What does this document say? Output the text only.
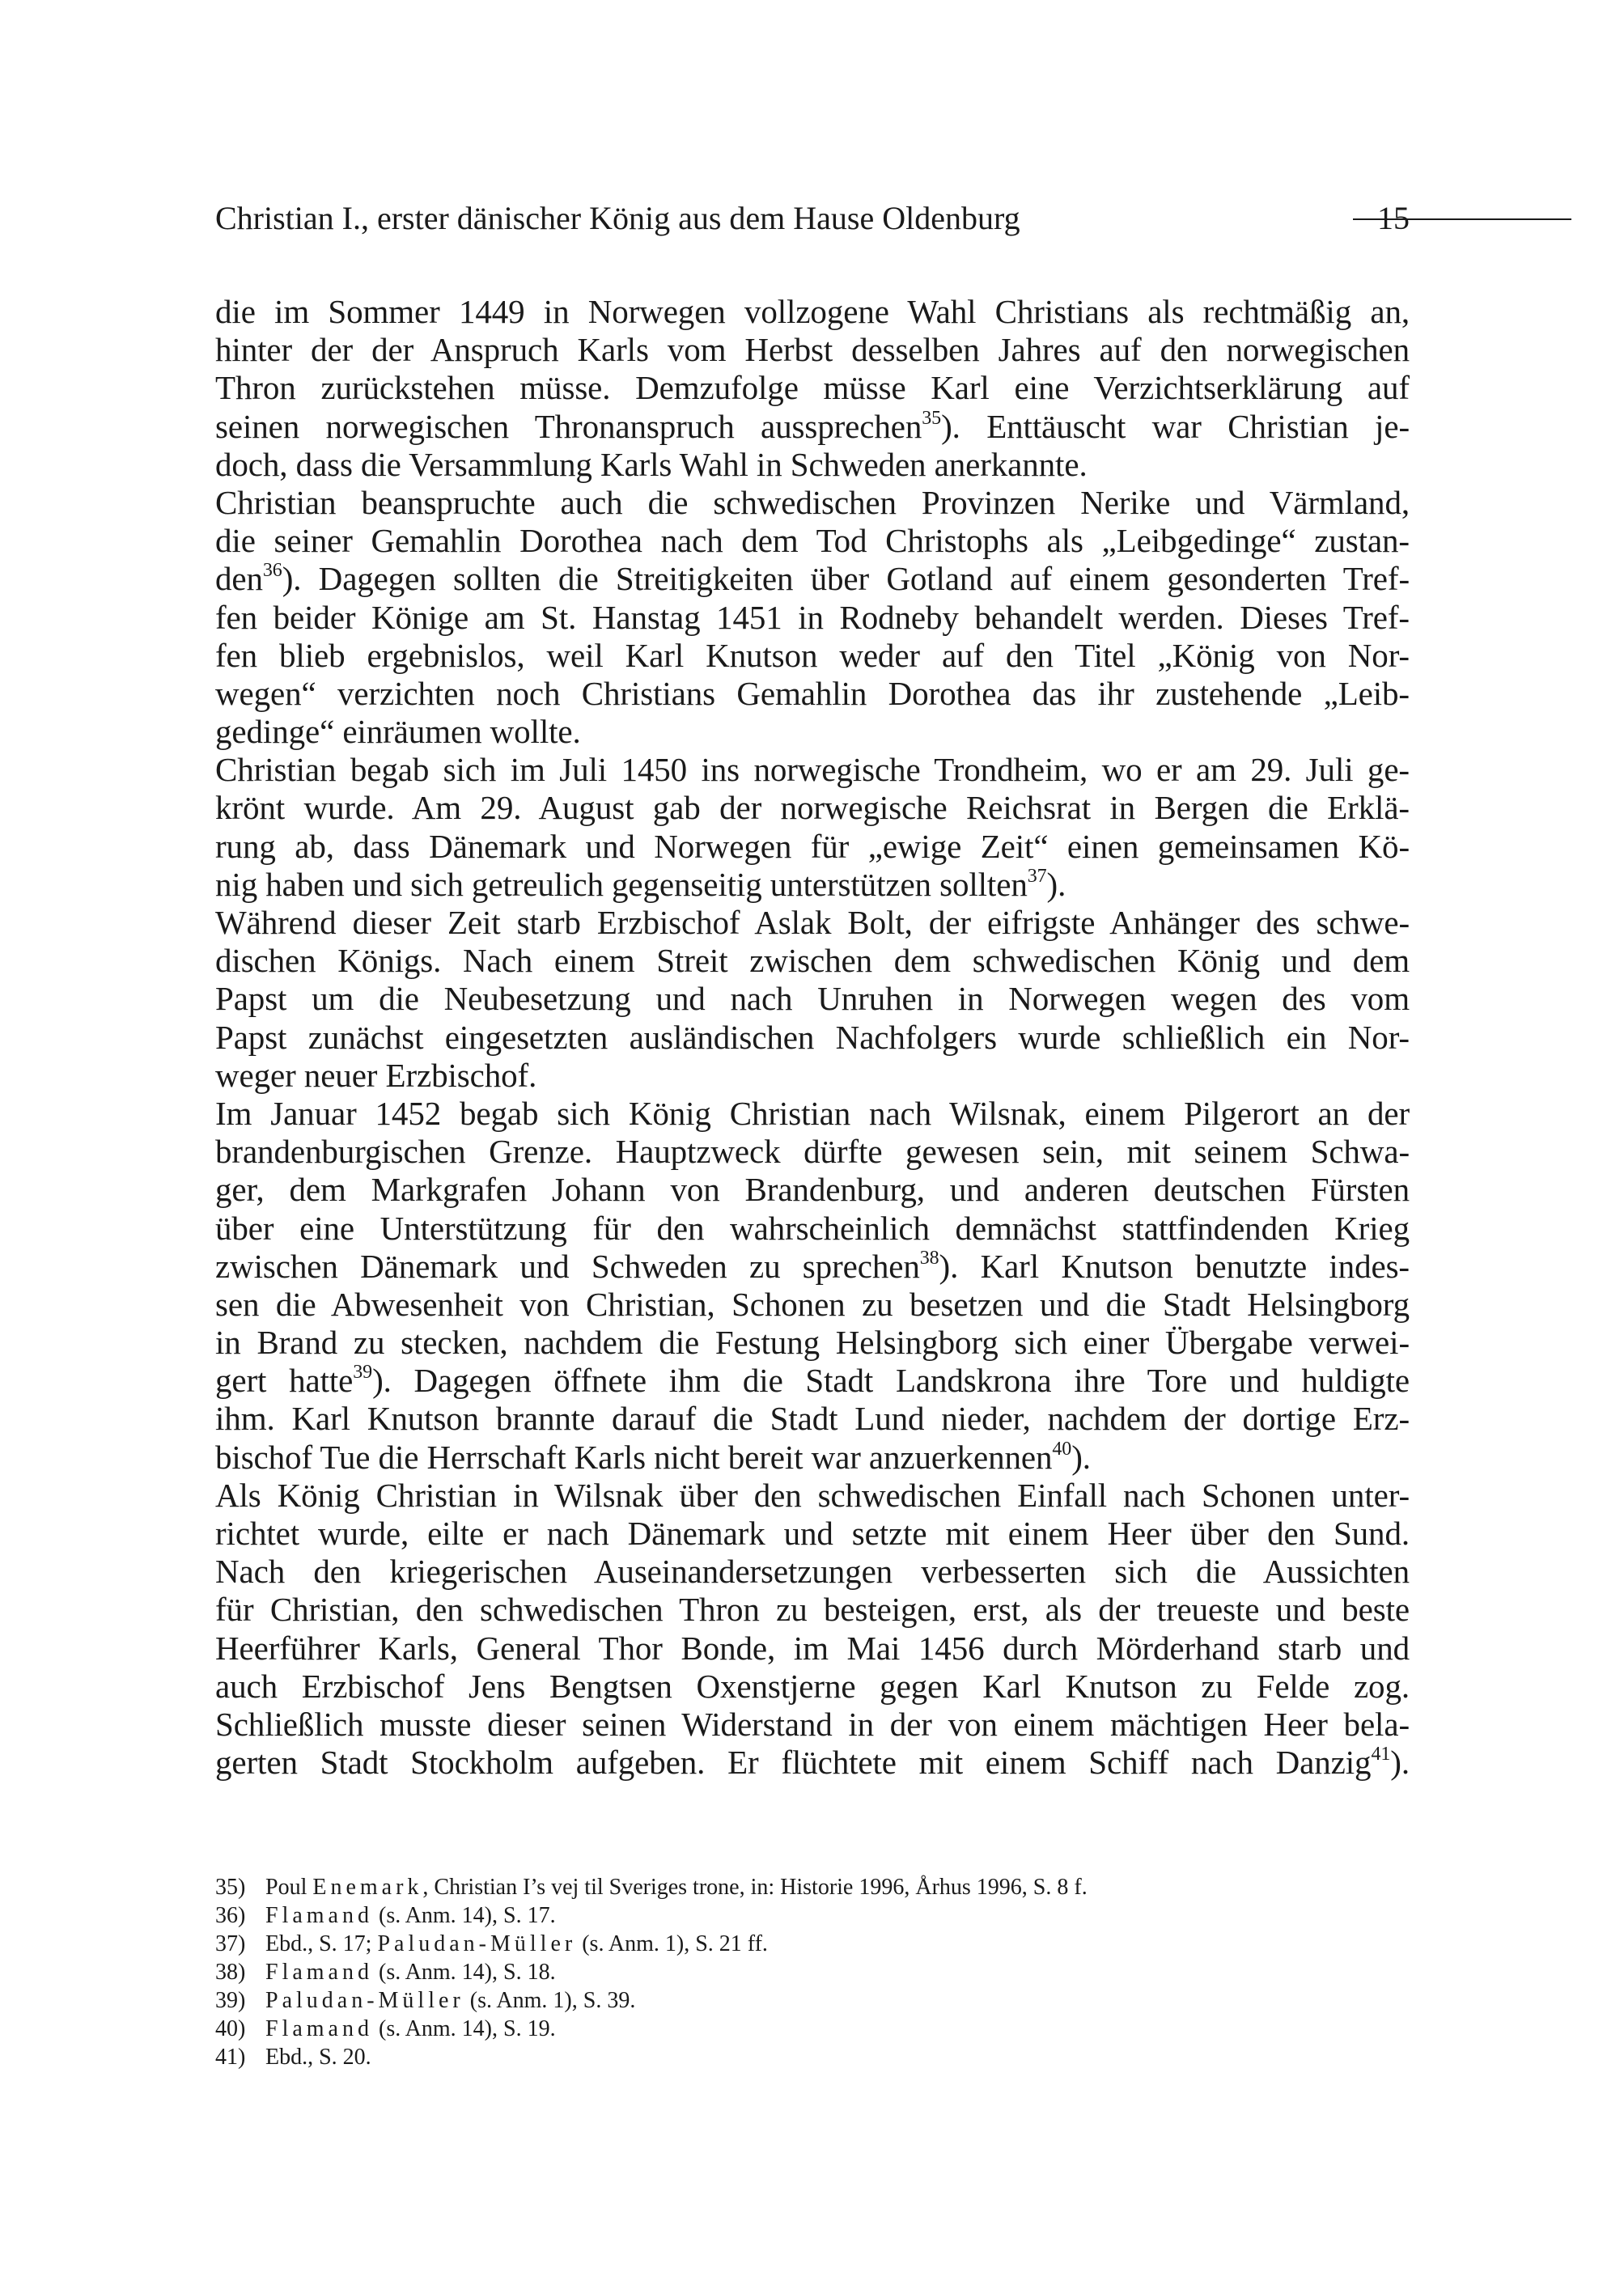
Christian I., erster dänischer König aus dem Hause Oldenburg	15
die im Sommer 1449 in Norwegen vollzogene Wahl Christians als rechtmäßig an,
hinter der der Anspruch Karls vom Herbst desselben Jahres auf den norwegischen
Thron zurückstehen müsse. Demzufolge müsse Karl eine Verzichtserklärung auf
seinen norwegischen Thronanspruch aussprechen$^{35}$). Enttäuscht war Christian je-
doch, dass die Versammlung Karls Wahl in Schweden anerkannte.
Christian beanspruchte auch die schwedischen Provinzen Nerike und Värmland,
die seiner Gemahlin Dorothea nach dem Tod Christophs als „Leibgedinge“ zustan-
den$^{36}$). Dagegen sollten die Streitigkeiten über Gotland auf einem gesonderten Tref-
fen beider Könige am St. Hanstag 1451 in Rodneby behandelt werden. Dieses Tref-
fen blieb ergebnislos, weil Karl Knutson weder auf den Titel „König von Nor-
wegen“ verzichten noch Christians Gemahlin Dorothea das ihr zustehende „Leib-
gedinge“ einräumen wollte.
Christian begab sich im Juli 1450 ins norwegische Trondheim, wo er am 29. Juli ge-
krönt wurde. Am 29. August gab der norwegische Reichsrat in Bergen die Erklä-
rung ab, dass Dänemark und Norwegen für „ewige Zeit“ einen gemeinsamen Kö-
nig haben und sich getreulich gegenseitig unterstützen sollten$^{37}$).
Während dieser Zeit starb Erzbischof Aslak Bolt, der eifrigste Anhänger des schwe-
dischen Königs. Nach einem Streit zwischen dem schwedischen König und dem
Papst um die Neubesetzung und nach Unruhen in Norwegen wegen des vom
Papst zunächst eingesetzten ausländischen Nachfolgers wurde schließlich ein Nor-
weger neuer Erzbischof.
Im Januar 1452 begab sich König Christian nach Wilsnak, einem Pilgerort an der
brandenburgischen Grenze. Hauptzweck dürfte gewesen sein, mit seinem Schwa-
ger, dem Markgrafen Johann von Brandenburg, und anderen deutschen Fürsten
über eine Unterstützung für den wahrscheinlich demnächst stattfindenden Krieg
zwischen Dänemark und Schweden zu sprechen$^{38}$). Karl Knutson benutzte indes-
sen die Abwesenheit von Christian, Schonen zu besetzen und die Stadt Helsingborg
in Brand zu stecken, nachdem die Festung Helsingborg sich einer Übergabe verwei-
gert hatte$^{39}$). Dagegen öffnete ihm die Stadt Landskrona ihre Tore und huldigte
ihm. Karl Knutson brannte darauf die Stadt Lund nieder, nachdem der dortige Erz-
bischof Tue die Herrschaft Karls nicht bereit war anzuerkennen$^{40}$).
Als König Christian in Wilsnak über den schwedischen Einfall nach Schonen unter-
richtet wurde, eilte er nach Dänemark und setzte mit einem Heer über den Sund.
Nach den kriegerischen Auseinandersetzungen verbesserten sich die Aussichten
für Christian, den schwedischen Thron zu besteigen, erst, als der treueste und beste
Heerführer Karls, General Thor Bonde, im Mai 1456 durch Mörderhand starb und
auch Erzbischof Jens Bengtsen Oxenstjerne gegen Karl Knutson zu Felde zog.
Schließlich musste dieser seinen Widerstand in der von einem mächtigen Heer bela-
gerten Stadt Stockholm aufgeben. Er flüchtete mit einem Schiff nach Danzig$^{41}$).
35) Poul Enemark, Christian I’s vej til Sveriges trone, in: Historie 1996, Århus 1996, S. 8 f.
36) Flamand (s. Anm. 14), S. 17.
37) Ebd., S. 17; Paludan-Müller (s. Anm. 1), S. 21 ff.
38) Flamand (s. Anm. 14), S. 18.
39) Paludan-Müller (s. Anm. 1), S. 39.
40) Flamand (s. Anm. 14), S. 19.
41) Ebd., S. 20.
